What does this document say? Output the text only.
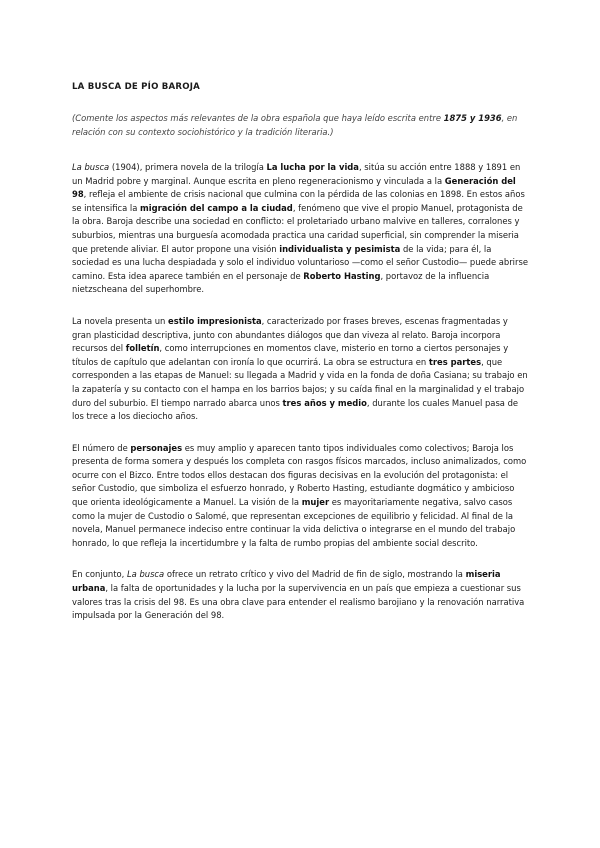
LA BUSCA DE PÍO BAROJA
(Comente los aspectos más relevantes de la obra española que haya leído escrita entre 1875 y 1936, en relación con su contexto sociohistórico y la tradición literaria.)

La busca (1904), primera novela de la trilogía La lucha por la vida, sitúa su acción entre 1888 y 1891 en un Madrid pobre y marginal. Aunque escrita en pleno regeneracionismo y vinculada a la Generación del 98, refleja el ambiente de crisis nacional que culmina con la pérdida de las colonias en 1898. En estos años se intensifica la migración del campo a la ciudad, fenómeno que vive el propio Manuel, protagonista de la obra. Baroja describe una sociedad en conflicto: el proletariado urbano malvive en talleres, corralones y suburbios, mientras una burguesía acomodada practica una caridad superficial, sin comprender la miseria que pretende aliviar. El autor propone una visión individualista y pesimista de la vida; para él, la sociedad es una lucha despiadada y solo el individuo voluntarioso —como el señor Custodio— puede abrirse camino. Esta idea aparece también en el personaje de Roberto Hasting, portavoz de la influencia nietzscheana del superhombre.

La novela presenta un estilo impresionista, caracterizado por frases breves, escenas fragmentadas y gran plasticidad descriptiva, junto con abundantes diálogos que dan viveza al relato. Baroja incorpora recursos del folletín, como interrupciones en momentos clave, misterio en torno a ciertos personajes y títulos de capítulo que adelantan con ironía lo que ocurrirá. La obra se estructura en tres partes, que corresponden a las etapas de Manuel: su llegada a Madrid y vida en la fonda de doña Casiana; su trabajo en la zapatería y su contacto con el hampa en los barrios bajos; y su caída final en la marginalidad y el trabajo duro del suburbio. El tiempo narrado abarca unos tres años y medio, durante los cuales Manuel pasa de los trece a los dieciocho años.

El número de personajes es muy amplio y aparecen tanto tipos individuales como colectivos; Baroja los presenta de forma somera y después los completa con rasgos físicos marcados, incluso animalizados, como ocurre con el Bizco. Entre todos ellos destacan dos figuras decisivas en la evolución del protagonista: el señor Custodio, que simboliza el esfuerzo honrado, y Roberto Hasting, estudiante dogmático y ambicioso que orienta ideológicamente a Manuel. La visión de la mujer es mayoritariamente negativa, salvo casos como la mujer de Custodio o Salomé, que representan excepciones de equilibrio y felicidad. Al final de la novela, Manuel permanece indeciso entre continuar la vida delictiva o integrarse en el mundo del trabajo honrado, lo que refleja la incertidumbre y la falta de rumbo propias del ambiente social descrito.

En conjunto, La busca ofrece un retrato crítico y vivo del Madrid de fin de siglo, mostrando la miseria urbana, la falta de oportunidades y la lucha por la supervivencia en un país que empieza a cuestionar sus valores tras la crisis del 98. Es una obra clave para entender el realismo barojiano y la renovación narrativa impulsada por la Generación del 98.
